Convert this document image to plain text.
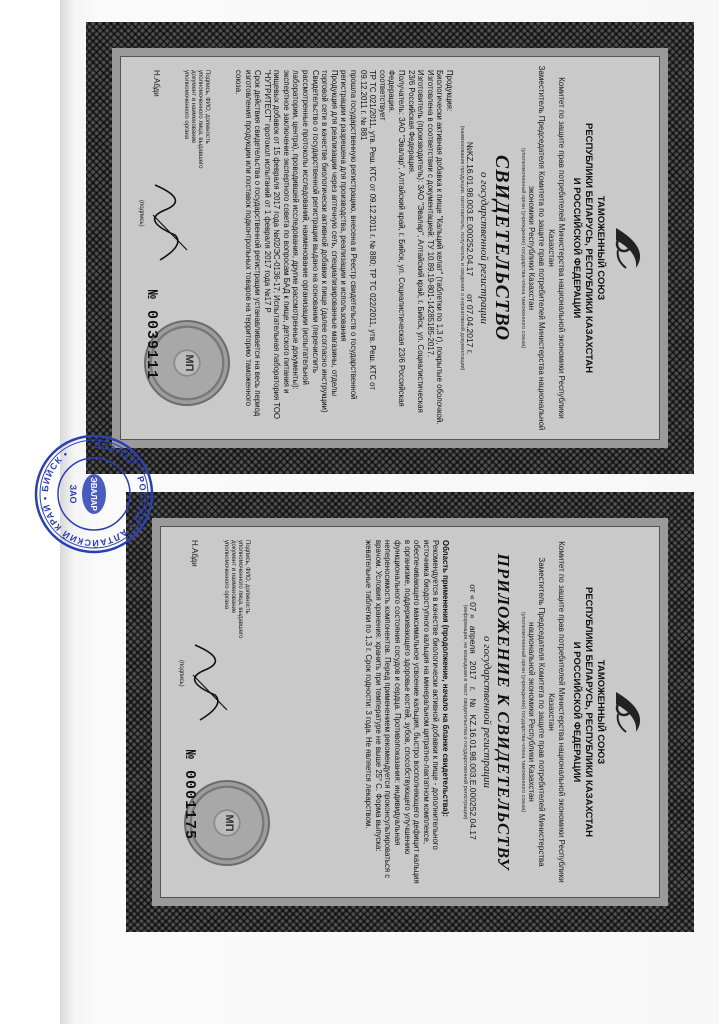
ТАМОЖЕННЫЙ СОЮЗ
РЕСПУБЛИКИ БЕЛАРУСЬ, РЕСПУБЛИКИ КАЗАХСТАН
И РОССИЙСКОЙ ФЕДЕРАЦИИ
Комитет по защите прав потребителей Министерства национальной экономики Республики Казахстан
Заместитель Председателя Комитета по защите прав потребителей Министерства национальной экономики Республики Казахстан
(уполномоченный орган (учреждение) государства-члена таможенного союза)
СВИДЕТЕЛЬСТВО
о государственной регистрации
№KZ.16.01.98.003.E.000252.04.17
от 07.04.2017 г.
(наименование продукции, изготовитель, получатель и сведения о нормативной документации)
Продукция:
Биологически активная добавка к пище "Кальций хелат" (таблетки по 1,3 г), покрытые оболочкой. Изготовлена в соответствии с документацией: ТУ 10.89.19-801-14285185-2017.
Изготовитель (производитель): ЗАО "Эвалар", Алтайский край, г. Бийск, ул. Социалистическая 23/6 Российская Федерация.
Получатель: ЗАО "Эвалар", Алтайский край, г. Бийск, ул. Социалистическая 23/6 Российская Федерация.
соответствует
ТР ТС 021/2011, утв. Реш. КТС от 09.12.2011 г. № 880; ТР ТС 022/2011, утв. Реш. КТС от 09.12.2011 г. № 881
прошла государственную регистрацию, внесена в Реестр свидетельств о государственной регистрации и разрешена для производства, реализации и использования
Продукция для реализации через аптечную сеть, специализированные магазины, отделы торговой сети в качестве биологически активной добавки к пище (далее согласно инструкции)
Свидетельство о государственной регистрации выдано на основании (перечислить рассмотренные протоколы исследований, наименование организации (испытательной лаборатории, центра), проводившей исследования, другие рассмотренные документы):
экспертное заключение экспертного совета по вопросам БАД к пище, детского питания и пищевых добавок от 15 февраля 2017 года №02/ЭС-0136-17; Испытательная лаборатория ТОО "НУТРИТЕСТ" протокол испытаний от 1 февраля 2017 года №17 Р
Срок действия свидетельства о государственной регистрации устанавливается на весь период изготовления продукции или поставок подконтрольных товаров на территорию таможенного союза.
Подпись, ФИО, должность уполномоченного лица, выдавшего документ и наименование уполномоченного органа
Н.Абди
(подпись)
МП
№ 0039111
ТАМОЖЕННЫЙ СОЮЗ
РЕСПУБЛИКИ БЕЛАРУСЬ, РЕСПУБЛИКИ КАЗАХСТАН
И РОССИЙСКОЙ ФЕДЕРАЦИИ
Комитет по защите прав потребителей Министерства национальной экономики Республики Казахстан
Заместитель Председателя Комитета по защите прав потребителей Министерства национальной экономики Республики Казахстан
(уполномоченный орган (учреждение) государства-члена таможенного союза)
ПРИЛОЖЕНИЕ К СВИДЕТЕЛЬСТВУ
о государственной регистрации
от « 07 »   апреля   2017   г.   №   KZ.16.01.98.003.E.000252.04.17
(информация, не вошедшая в текст свидетельства о государственной регистрации)
Область применения (продолжение, начало на бланке свидетельства):
Рекомендуется в качестве биологически активной добавки к пище - дополнительного источника биодоступного кальция на минеральном цитратно-лактатном комплексе, обеспечивающего максимальное усвоение кальция, быстро восполняющего дефицит кальция в организме, поддерживающего здоровье костей, зубов, способствующего улучшению функционального состояния сосудов и сердца. Противопоказания: индивидуальная непереносимость компонентов. Перед применением рекомендуется проконсультироваться с врачом. Условия хранения: хранить при температуре не выше 25° С. Форма выпуска: жевательные таблетки по 1,3 г. Срок годности: 3 года. Не является лекарством.
Подпись, ФИО, должность уполномоченного лица, выдавшего документ и наименование уполномоченного органа
Н.Абди
(подпись)
МП
№ 0001175
ЭВАЛАР • РОССИЯ • АЛТАЙСКИЙ КРАЙ • БИЙСК •
ЭВАЛАР
ЗАО
